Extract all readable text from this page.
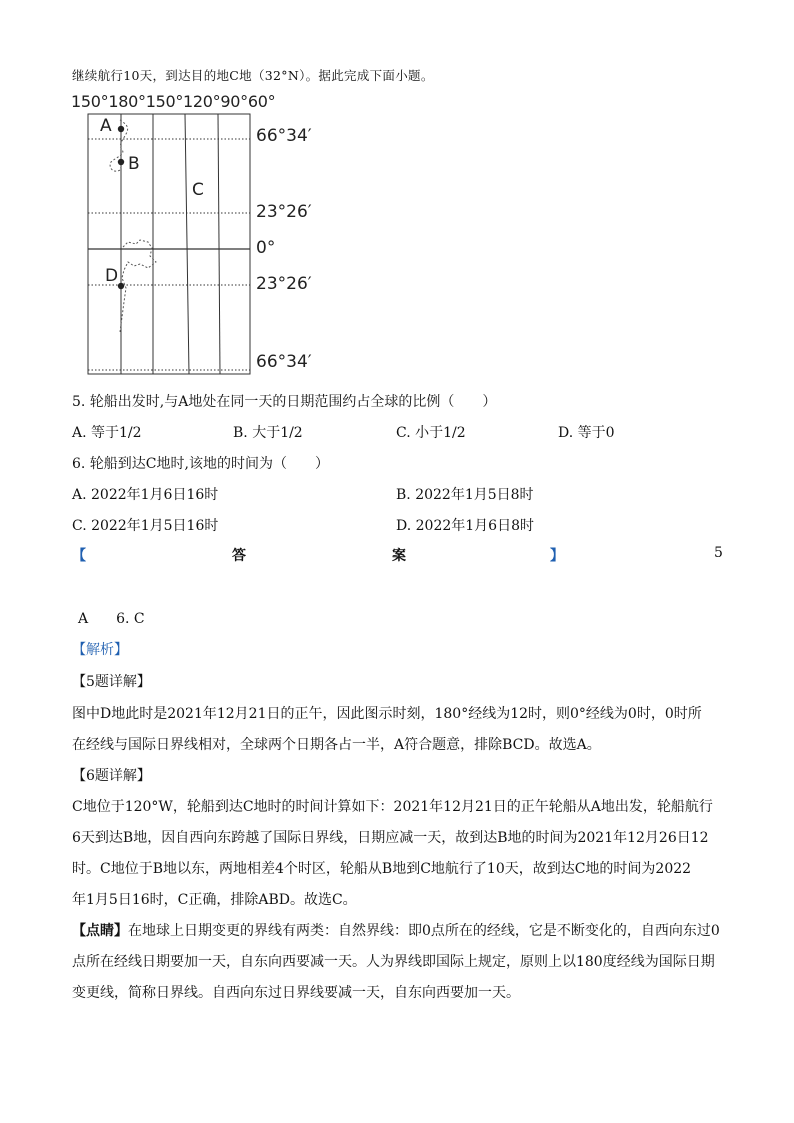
继续航行10天，到达目的地C地（32°N）。据此完成下面小题。
150°180°150°120°90°60°
66°34′
23°26′
0°
23°26′
66°34′
A
B
C
D
5. 轮船出发时,与A地处在同一天的日期范围约占全球的比例（　　）
A. 等于1/2	B. 大于1/2	C. 小于1/2	D. 等于0
6. 轮船到达C地时,该地的时间为（　　）
A. 2022年1月6日16时	B. 2022年1月5日8时
C. 2022年1月5日16时	D. 2022年1月6日8时
【	答	案	】	5
A　　6. C
【解析】
【5题详解】
图中D地此时是2021年12月21日的正午，因此图示时刻，180°经线为12时，则0°经线为0时，0时所
在经线与国际日界线相对，全球两个日期各占一半，A符合题意，排除BCD。故选A。
【6题详解】
C地位于120°W，轮船到达C地时的时间计算如下：2021年12月21日的正午轮船从A地出发，轮船航行
6天到达B地，因自西向东跨越了国际日界线，日期应减一天，故到达B地的时间为2021年12月26日12
时。C地位于B地以东，两地相差4个时区，轮船从B地到C地航行了10天，故到达C地的时间为2022
年1月5日16时，C正确，排除ABD。故选C。
【点睛】在地球上日期变更的界线有两类：自然界线：即0点所在的经线，它是不断变化的，自西向东过0
点所在经线日期要加一天，自东向西要减一天。人为界线即国际上规定，原则上以180度经线为国际日期
变更线，简称日界线。自西向东过日界线要减一天，自东向西要加一天。
